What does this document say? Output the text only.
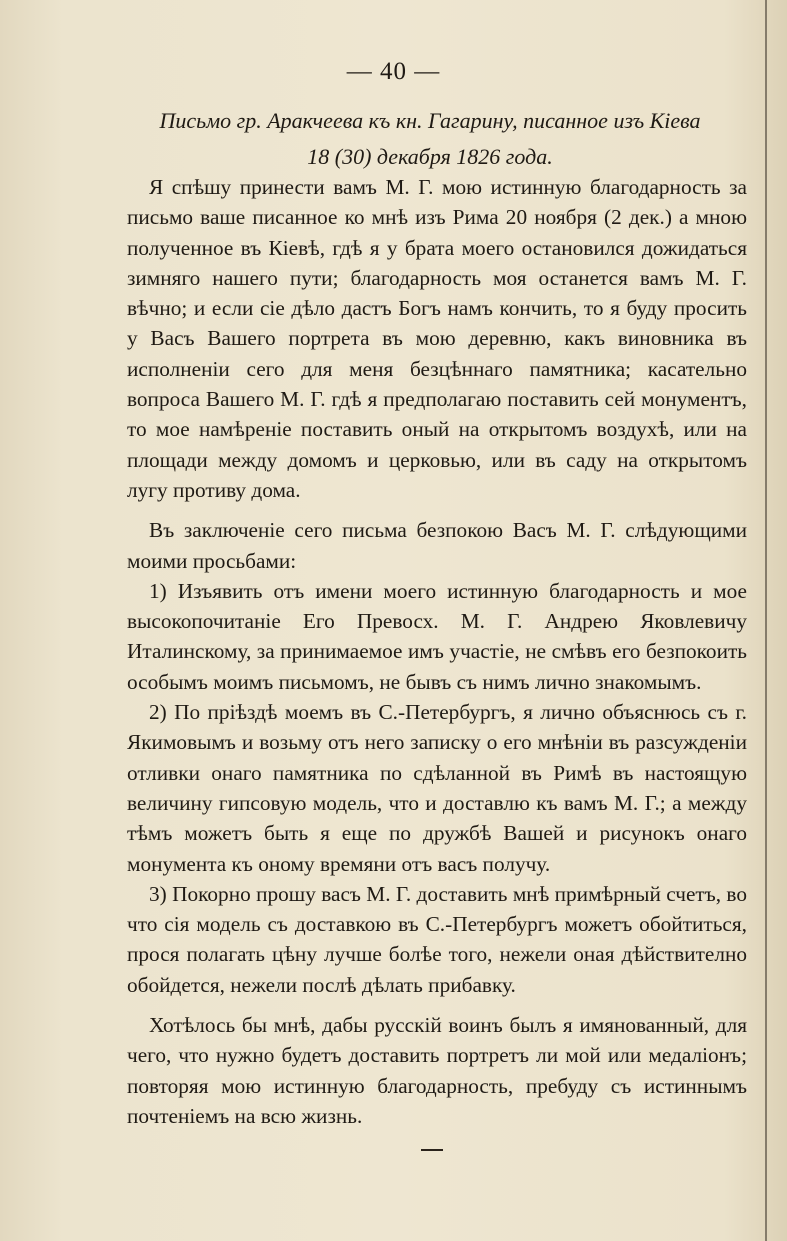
— 40 —
Письмо гр. Аракчеева къ кн. Гагарину, писанное изъ Кiева
18 (30) декабря 1826 года.

Я спѣшу принести вамъ М. Г. мою истинную благодарность за письмо ваше писанное ко мнѣ изъ Рима 20 ноября (2 дек.) а мною полученное въ Кiевѣ, гдѣ я у брата моего остановился дожидаться зимняго нашего пути; благодарность моя останется вамъ М. Г. вѣчно; и если сiе дѣло дастъ Богъ намъ кончить, то я буду просить у Васъ Вашего портрета въ мою деревню, какъ виновника въ исполненiи сего для меня безцѣннаго памятника; касательно вопроса Вашего М. Г. гдѣ я предполагаю поставить сей монументъ, то мое намѣренiе поставить оный на открытомъ воздухѣ, или на площади между домомъ и церковью, или въ саду на открытомъ лугу противу дома.

Въ заключенiе сего письма безпокою Васъ М. Г. слѣдующими моими просьбами:

1) Изъявить отъ имени моего истинную благодарность и мое высокопочитанiе Его Превосх. М. Г. Андрею Яковлевичу Италинскому, за принимаемое имъ участiе, не смѣвъ его безпокоить особымъ моимъ письмомъ, не бывъ съ нимъ лично знакомымъ.

2) По прiѣздѣ моемъ въ С.-Петербургъ, я лично объяснюсь съ г. Якимовымъ и возьму отъ него записку о его мнѣнiи въ разсужденiи отливки онаго памятника по сдѣланной въ Римѣ въ настоящую величину гипсовую модель, что и доставлю къ вамъ М. Г.; а между тѣмъ можетъ быть я еще по дружбѣ Вашей и рисунокъ онаго монумента къ оному времяни отъ васъ получу.

3) Покорно прошу васъ М. Г. доставить мнѣ примѣрный счетъ, во что сiя модель съ доставкою въ С.-Петербургъ можетъ обойтиться, прося полагать цѣну лучше болѣе того, нежели оная дѣйствително обойдется, нежели послѣ дѣлать прибавку.

Хотѣлось бы мнѣ, дабы русскiй воинъ былъ я имянованный, для чего, что нужно будетъ доставить портретъ ли мой или медалiонъ; повторяя мою истинную благодарность, пребуду съ истиннымъ почтенiемъ на всю жизнь.
